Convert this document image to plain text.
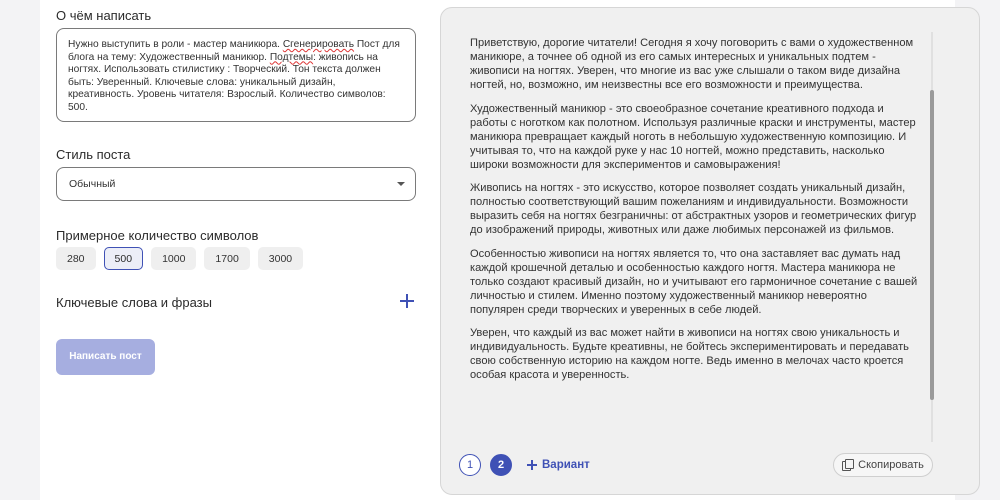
О чём написать
Нужно выступить в роли - мастер маникюра. Сгенерировать Пост для блога на тему: Художественный маникюр. Подтемы: живопись на ногтях. Использовать стилистику : Творческий. Тон текста должен быть: Уверенный. Ключевые слова: уникальный дизайн, креативность. Уровень читателя: Взрослый. Количество символов: 500.
Стиль поста
Обычный
Примерное количество символов
280	500	1000	1700	3000
Ключевые слова и фразы
Написать пост

Приветствую, дорогие читатели! Сегодня я хочу поговорить с вами о художественном маникюре, а точнее об одной из его самых интересных и уникальных подтем - живописи на ногтях. Уверен, что многие из вас уже слышали о таком виде дизайна ногтей, но, возможно, им неизвестны все его возможности и преимущества.

Художественный маникюр - это своеобразное сочетание креативного подхода и работы с ноготком как полотном. Используя различные краски и инструменты, мастер маникюра превращает каждый ноготь в небольшую художественную композицию. И учитывая то, что на каждой руке у нас 10 ногтей, можно представить, насколько широки возможности для экспериментов и самовыражения!

Живопись на ногтях - это искусство, которое позволяет создать уникальный дизайн, полностью соответствующий вашим пожеланиям и индивидуальности. Возможности выразить себя на ногтях безграничны: от абстрактных узоров и геометрических фигур до изображений природы, животных или даже любимых персонажей из фильмов.

Особенностью живописи на ногтях является то, что она заставляет вас думать над каждой крошечной деталью и особенностью каждого ногтя. Мастера маникюра не только создают красивый дизайн, но и учитывают его гармоничное сочетание с вашей личностью и стилем. Именно поэтому художественный маникюр невероятно популярен среди творческих и уверенных в себе людей.

Уверен, что каждый из вас может найти в живописи на ногтях свою уникальность и индивидуальность. Будьте креативны, не бойтесь экспериментировать и передавать свою собственную историю на каждом ногте. Ведь именно в мелочах часто кроется особая красота и уверенность.

1	2	Вариант	Скопировать
